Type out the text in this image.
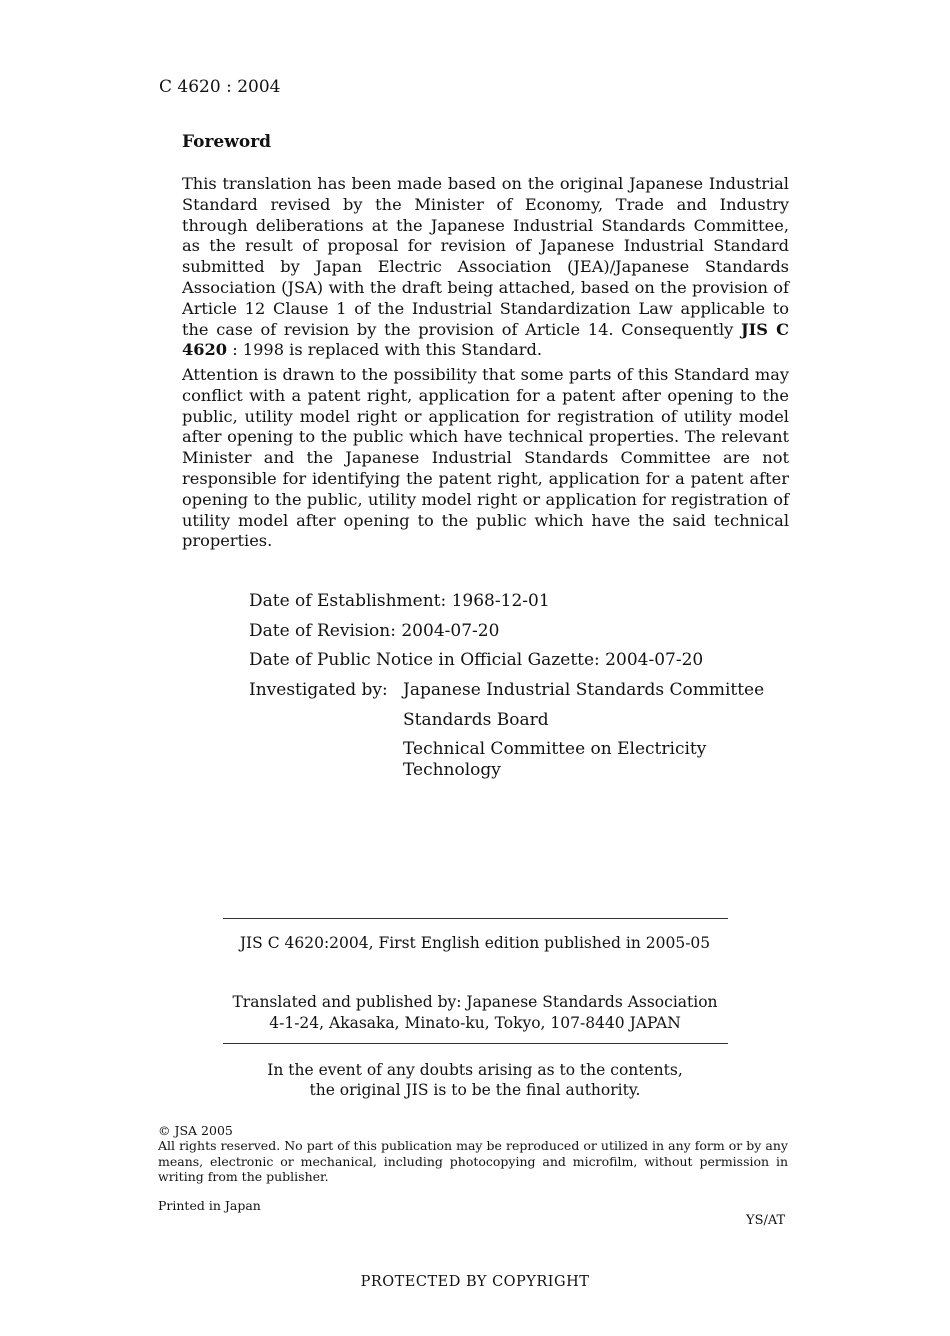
C 4620 : 2004
Foreword

This translation has been made based on the original Japanese Industrial Standard revised by the Minister of Economy, Trade and Industry through deliberations at the Japanese Industrial Standards Committee, as the result of proposal for revision of Japanese Industrial Standard submitted by Japan Electric Association (JEA)/Japanese Standards Association (JSA) with the draft being attached, based on the provision of Article 12 Clause 1 of the Industrial Standardization Law applicable to the case of revision by the provision of Article 14. Consequently JIS C 4620 : 1998 is replaced with this Standard.

Attention is drawn to the possibility that some parts of this Standard may conflict with a patent right, application for a patent after opening to the public, utility model right or application for registration of utility model after opening to the public which have technical properties. The relevant Minister and the Japanese Industrial Standards Committee are not responsible for identifying the patent right, application for a patent after opening to the public, utility model right or application for registration of utility model after opening to the public which have the said technical properties.

Date of Establishment: 1968-12-01
Date of Revision: 2004-07-20
Date of Public Notice in Official Gazette: 2004-07-20
Investigated by: Japanese Industrial Standards Committee
Standards Board
Technical Committee on Electricity
Technology
JIS C 4620:2004, First English edition published in 2005-05
Translated and published by: Japanese Standards Association
4-1-24, Akasaka, Minato-ku, Tokyo, 107-8440 JAPAN
In the event of any doubts arising as to the contents,
the original JIS is to be the final authority.
© JSA 2005
All rights reserved. No part of this publication may be reproduced or utilized in any form or by any means, electronic or mechanical, including photocopying and microfilm, without permission in writing from the publisher.
Printed in Japan
YS/AT
PROTECTED BY COPYRIGHT
